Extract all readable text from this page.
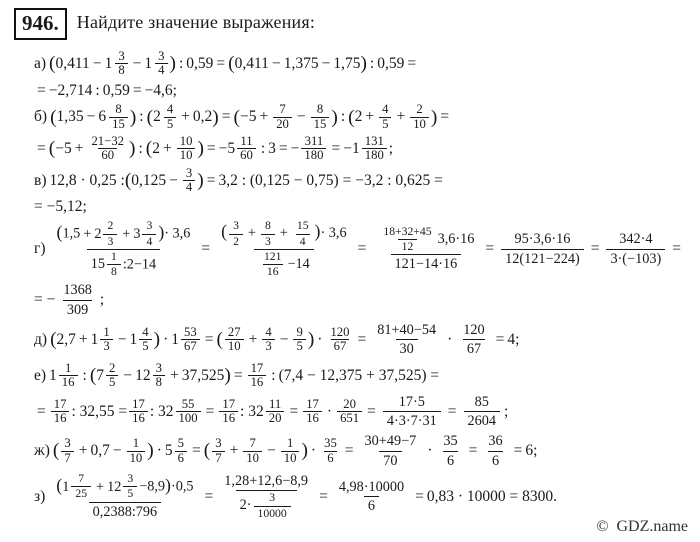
946.	Найдите значение выражения:
а) ( $0,411 - 1 \frac{3}{8} - 1 \frac{3}{4}$ ) : 0,59 = ( 0,411 − 1,375 − 1,75 ) : 0,59 =
= −2,714 : 0,59 = −4,6;
б) ( $1,35 - 6 \frac{8}{15}$ ) : ( $2 \frac{4}{5} + 0,2$ ) = ( $-5 + \frac{7}{20} - \frac{8}{15}$ ) : ( $2 + \frac{4}{5} + \frac{2}{10}$ ) =
= ( $-5 + \frac{21-32}{60}$ ) : ( $2 + \frac{10}{10}$ ) = $-5 \frac{11}{60}$ : 3 = − $\frac{311}{180} = -1 \frac{131}{180}$ ;
в) 12,8 · 0,25 : ( $0,125 - \frac{3}{4}$ ) = 3,2 : (0,125 − 0,75) = −3,2 : 0,625 =
= −5,12;
$г) \frac{(1,5 + 2 \frac{2}{3} + 3 \frac{3}{4} )\cdot 3,6}{15 \frac{1}{8} :2-14} = \frac{( \frac{3}{2} + \frac{8}{3} + \frac{15}{4} )\cdot 3,6}{\frac{121}{16} -14} = \frac{\frac{18+32+45}{12} 3,6\cdot 16}{121-14\cdot 16} = \frac{95\cdot 3,6\cdot 16}{12(121-224)} = \frac{342\cdot 4}{3\cdot(-103)}$ =
= − $\frac{1368}{309}$ ;
д) ( $2,7 + 1 \frac{1}{3} - 1 \frac{4}{5}$ ) · $1 \frac{53}{67}$ = ( $\frac{27}{10} + \frac{4}{3} - \frac{9}{5}$ ) · $\frac{120}{67} = \frac{81+40-54}{30} \cdot \frac{120}{67} = 4$;
е) $1 \frac{1}{16}$ : ( $7 \frac{2}{5} - 12 \frac{3}{8} + 37,525$ ) = $\frac{17}{16}$ : (7,4 − 12,375 + 37,525) =
= $\frac{17}{16}$ : $32,55 = \frac{17}{16}$ : $32 \frac{55}{100} = \frac{17}{16}$ : $32 \frac{11}{20} = \frac{17}{16} \cdot \frac{20}{651} = \frac{17\cdot 5}{4\cdot 3\cdot 7\cdot 31} = \frac{85}{2604}$ ;
ж) ( $\frac{3}{7} + 0,7 - \frac{1}{10}$ ) · $5 \frac{5}{6}$ = ( $\frac{3}{7} + \frac{7}{10} - \frac{1}{10}$ ) · $\frac{35}{6} = \frac{30+49-7}{70} \cdot \frac{35}{6} = \frac{36}{6} = 6$;
$з) \frac{( 1 \frac{7}{25} + 12 \frac{3}{5} -8,9)\cdot 0,5}{0,2388:796} = \frac{1,28+12,6-8,9}{2\cdot \frac{3}{10000}} = \frac{4,98\cdot 10000}{6} = 0,83 \cdot 10000 = 8300$.
© GDZ.name
